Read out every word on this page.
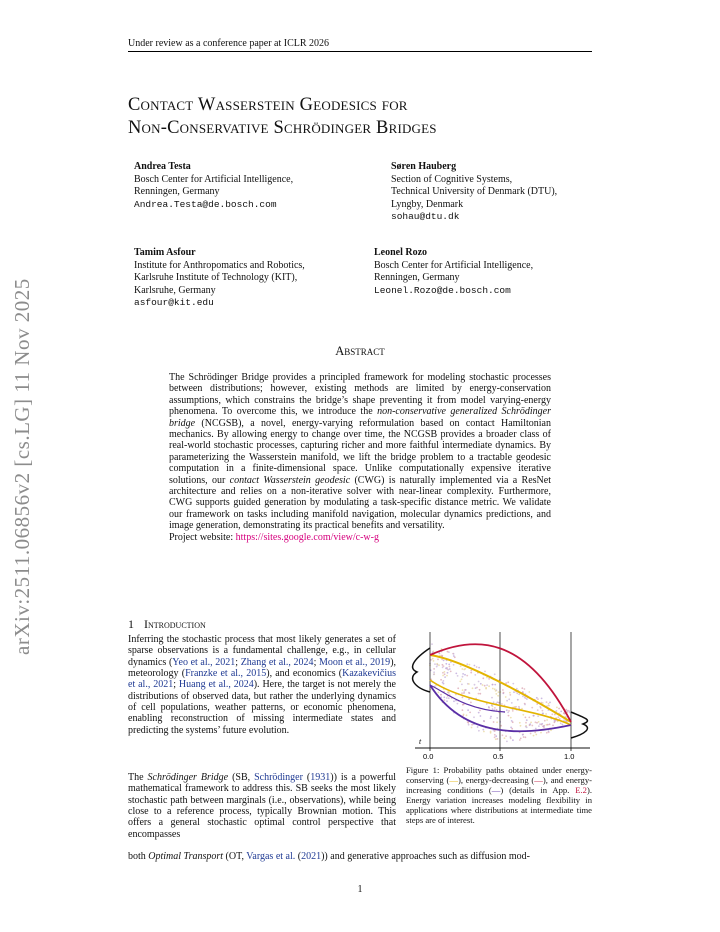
Under review as a conference paper at ICLR 2026
Contact Wasserstein Geodesics for
Non-Conservative Schrödinger Bridges
Andrea Testa
Bosch Center for Artificial Intelligence,
Renningen, Germany
Andrea.Testa@de.bosch.com
Søren Hauberg
Section of Cognitive Systems,
Technical University of Denmark (DTU),
Lyngby, Denmark
sohau@dtu.dk
Tamim Asfour
Institute for Anthropomatics and Robotics,
Karlsruhe Institute of Technology (KIT),
Karlsruhe, Germany
asfour@kit.edu
Leonel Rozo
Bosch Center for Artificial Intelligence,
Renningen, Germany
Leonel.Rozo@de.bosch.com
arXiv:2511.06856v2 [cs.LG] 11 Nov 2025	Abstract
The Schrödinger Bridge provides a principled framework for modeling stochastic processes between distributions; however, existing methods are limited by energy-conservation assumptions, which constrains the bridge’s shape preventing it from model varying-energy phenomena. To overcome this, we introduce the non-conservative generalized Schrödinger bridge (NCGSB), a novel, energy-varying reformulation based on contact Hamiltonian mechanics. By allowing energy to change over time, the NCGSB provides a broader class of real-world stochastic processes, capturing richer and more faithful intermediate dynamics. By parameterizing the Wasserstein manifold, we lift the bridge problem to a tractable geodesic computation in a finite-dimensional space. Unlike computationally expensive iterative solutions, our contact Wasserstein geodesic (CWG) is naturally implemented via a ResNet architecture and relies on a non-iterative solver with near-linear complexity. Furthermore, CWG supports guided generation by modulating a task-specific distance metric. We validate our framework on tasks including manifold navigation, molecular dynamics predictions, and image generation, demonstrating its practical benefits and versatility.
Project website: https://sites.google.com/view/c-w-g
1 Introduction
Inferring the stochastic process that most likely generates a set of sparse observations is a fundamental challenge, e.g., in cellular dynamics (Yeo et al., 2021; Zhang et al., 2024; Moon et al., 2019), meteorology (Franzke et al., 2015), and economics (Kazakevičius et al., 2021; Huang et al., 2024). Here, the target is not merely the distributions of observed data, but rather the underlying dynamics of cell populations, weather patterns, or economic phenomena, enabling reconstruction of missing intermediate states and predicting the systems’ future evolution.
The Schrödinger Bridge (SB, Schrödinger (1931)) is a powerful mathematical framework to address this. SB seeks the most likely stochastic path between marginals (i.e., observations), while being close to a reference process, typically Brownian motion. This offers a general stochastic optimal control perspective that encompasses
both Optimal Transport (OT, Vargas et al. (2021)) and generative approaches such as diffusion mod-
t
0.0	0.5	1.0
Figure 1: Probability paths obtained under energy-conserving (—), energy-decreasing (—), and energy-increasing conditions (—) (details in App. E.2). Energy variation increases modeling flexibility in applications where distributions at intermediate time steps are of interest.
1
